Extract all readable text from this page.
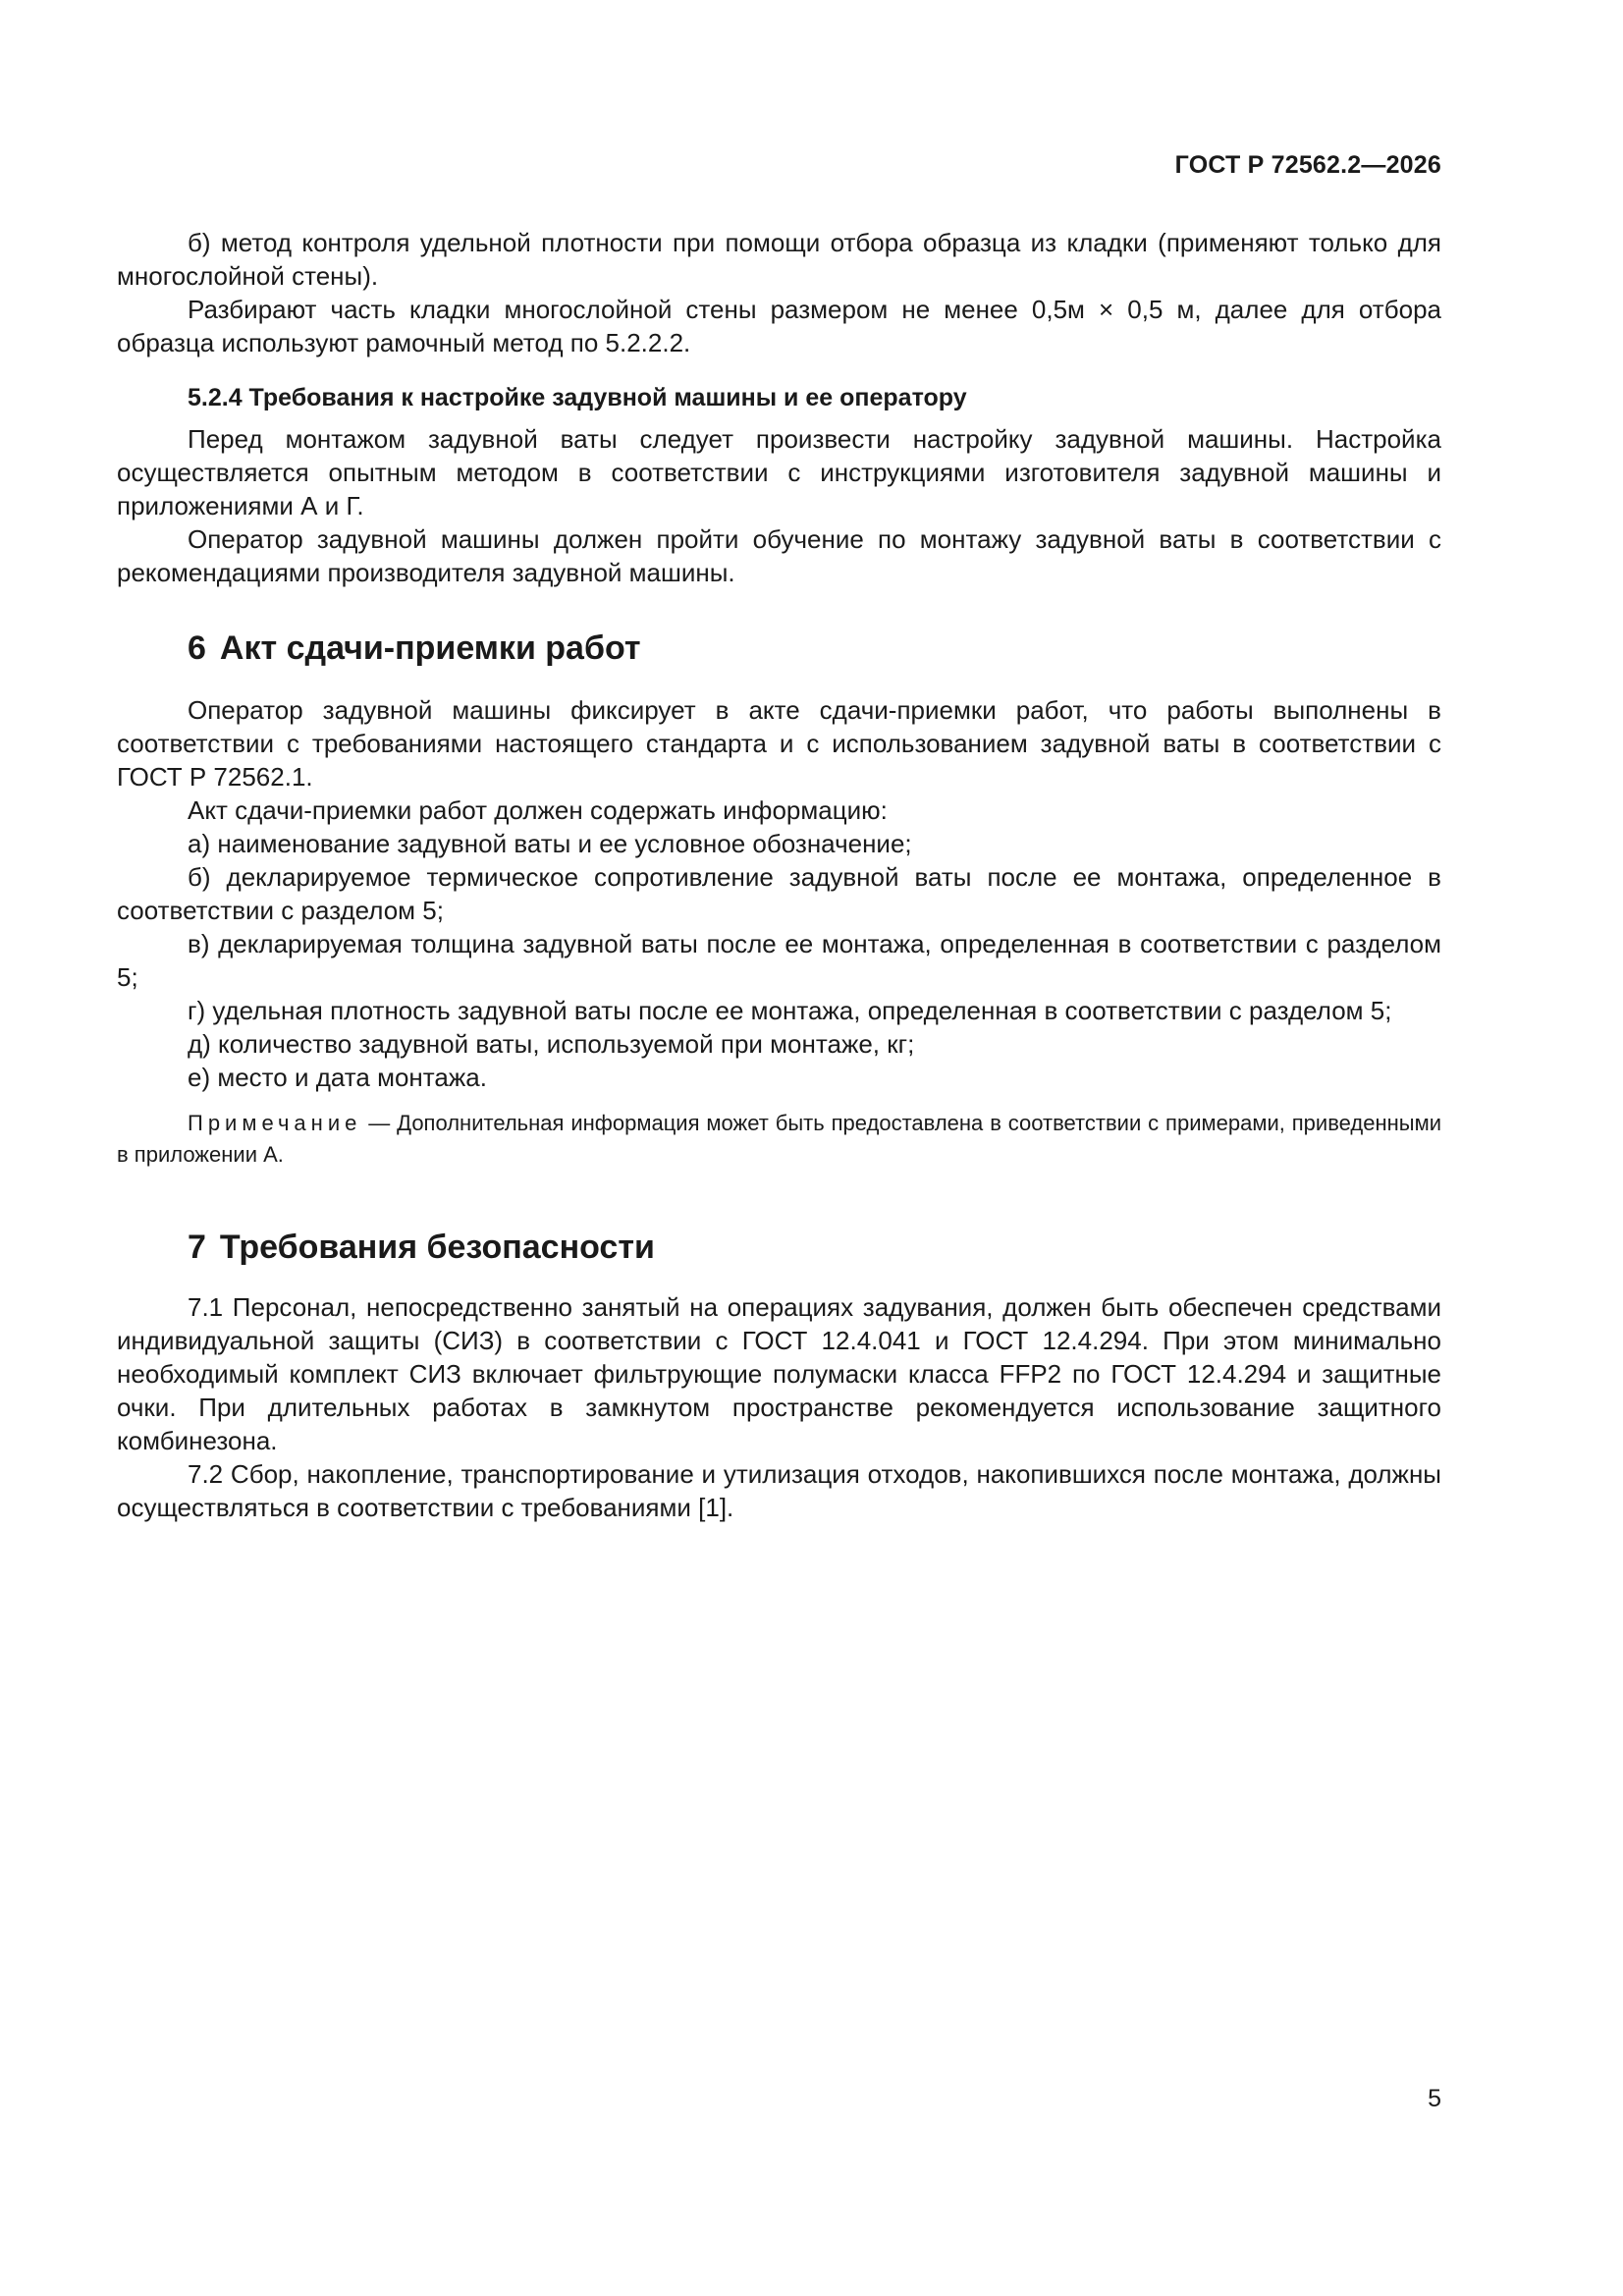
ГОСТ Р 72562.2—2026

б) метод контроля удельной плотности при помощи отбора образца из кладки (применяют только для многослойной стены).

Разбирают часть кладки многослойной стены размером не менее 0,5м × 0,5 м, далее для отбора образца используют рамочный метод по 5.2.2.2.

5.2.4 Требования к настройке задувной машины и ее оператору

Перед монтажом задувной ваты следует произвести настройку задувной машины. Настройка осуществляется опытным методом в соответствии с инструкциями изготовителя задувной машины и приложениями А и Г.

Оператор задувной машины должен пройти обучение по монтажу задувной ваты в соответствии с рекомендациями производителя задувной машины.

6 Акт сдачи-приемки работ

Оператор задувной машины фиксирует в акте сдачи-приемки работ, что работы выполнены в соответствии с требованиями настоящего стандарта и с использованием задувной ваты в соответствии с ГОСТ Р 72562.1.

Акт сдачи-приемки работ должен содержать информацию:

а) наименование задувной ваты и ее условное обозначение;

б) декларируемое термическое сопротивление задувной ваты после ее монтажа, определенное в соответствии с разделом 5;

в) декларируемая толщина задувной ваты после ее монтажа, определенная в соответствии с разделом 5;

г) удельная плотность задувной ваты после ее монтажа, определенная в соответствии с разделом 5;

д) количество задувной ваты, используемой при монтаже, кг;

е) место и дата монтажа.

Примечание — Дополнительная информация может быть предоставлена в соответствии с примерами, приведенными в приложении А.
7 Требования безопасности

7.1 Персонал, непосредственно занятый на операциях задувания, должен быть обеспечен средствами индивидуальной защиты (СИЗ) в соответствии с ГОСТ 12.4.041 и ГОСТ 12.4.294. При этом минимально необходимый комплект СИЗ включает фильтрующие полумаски класса FFP2 по ГОСТ 12.4.294 и защитные очки. При длительных работах в замкнутом пространстве рекомендуется использование защитного комбинезона.

7.2 Сбор, накопление, транспортирование и утилизация отходов, накопившихся после монтажа, должны осуществляться в соответствии с требованиями [1].

5
